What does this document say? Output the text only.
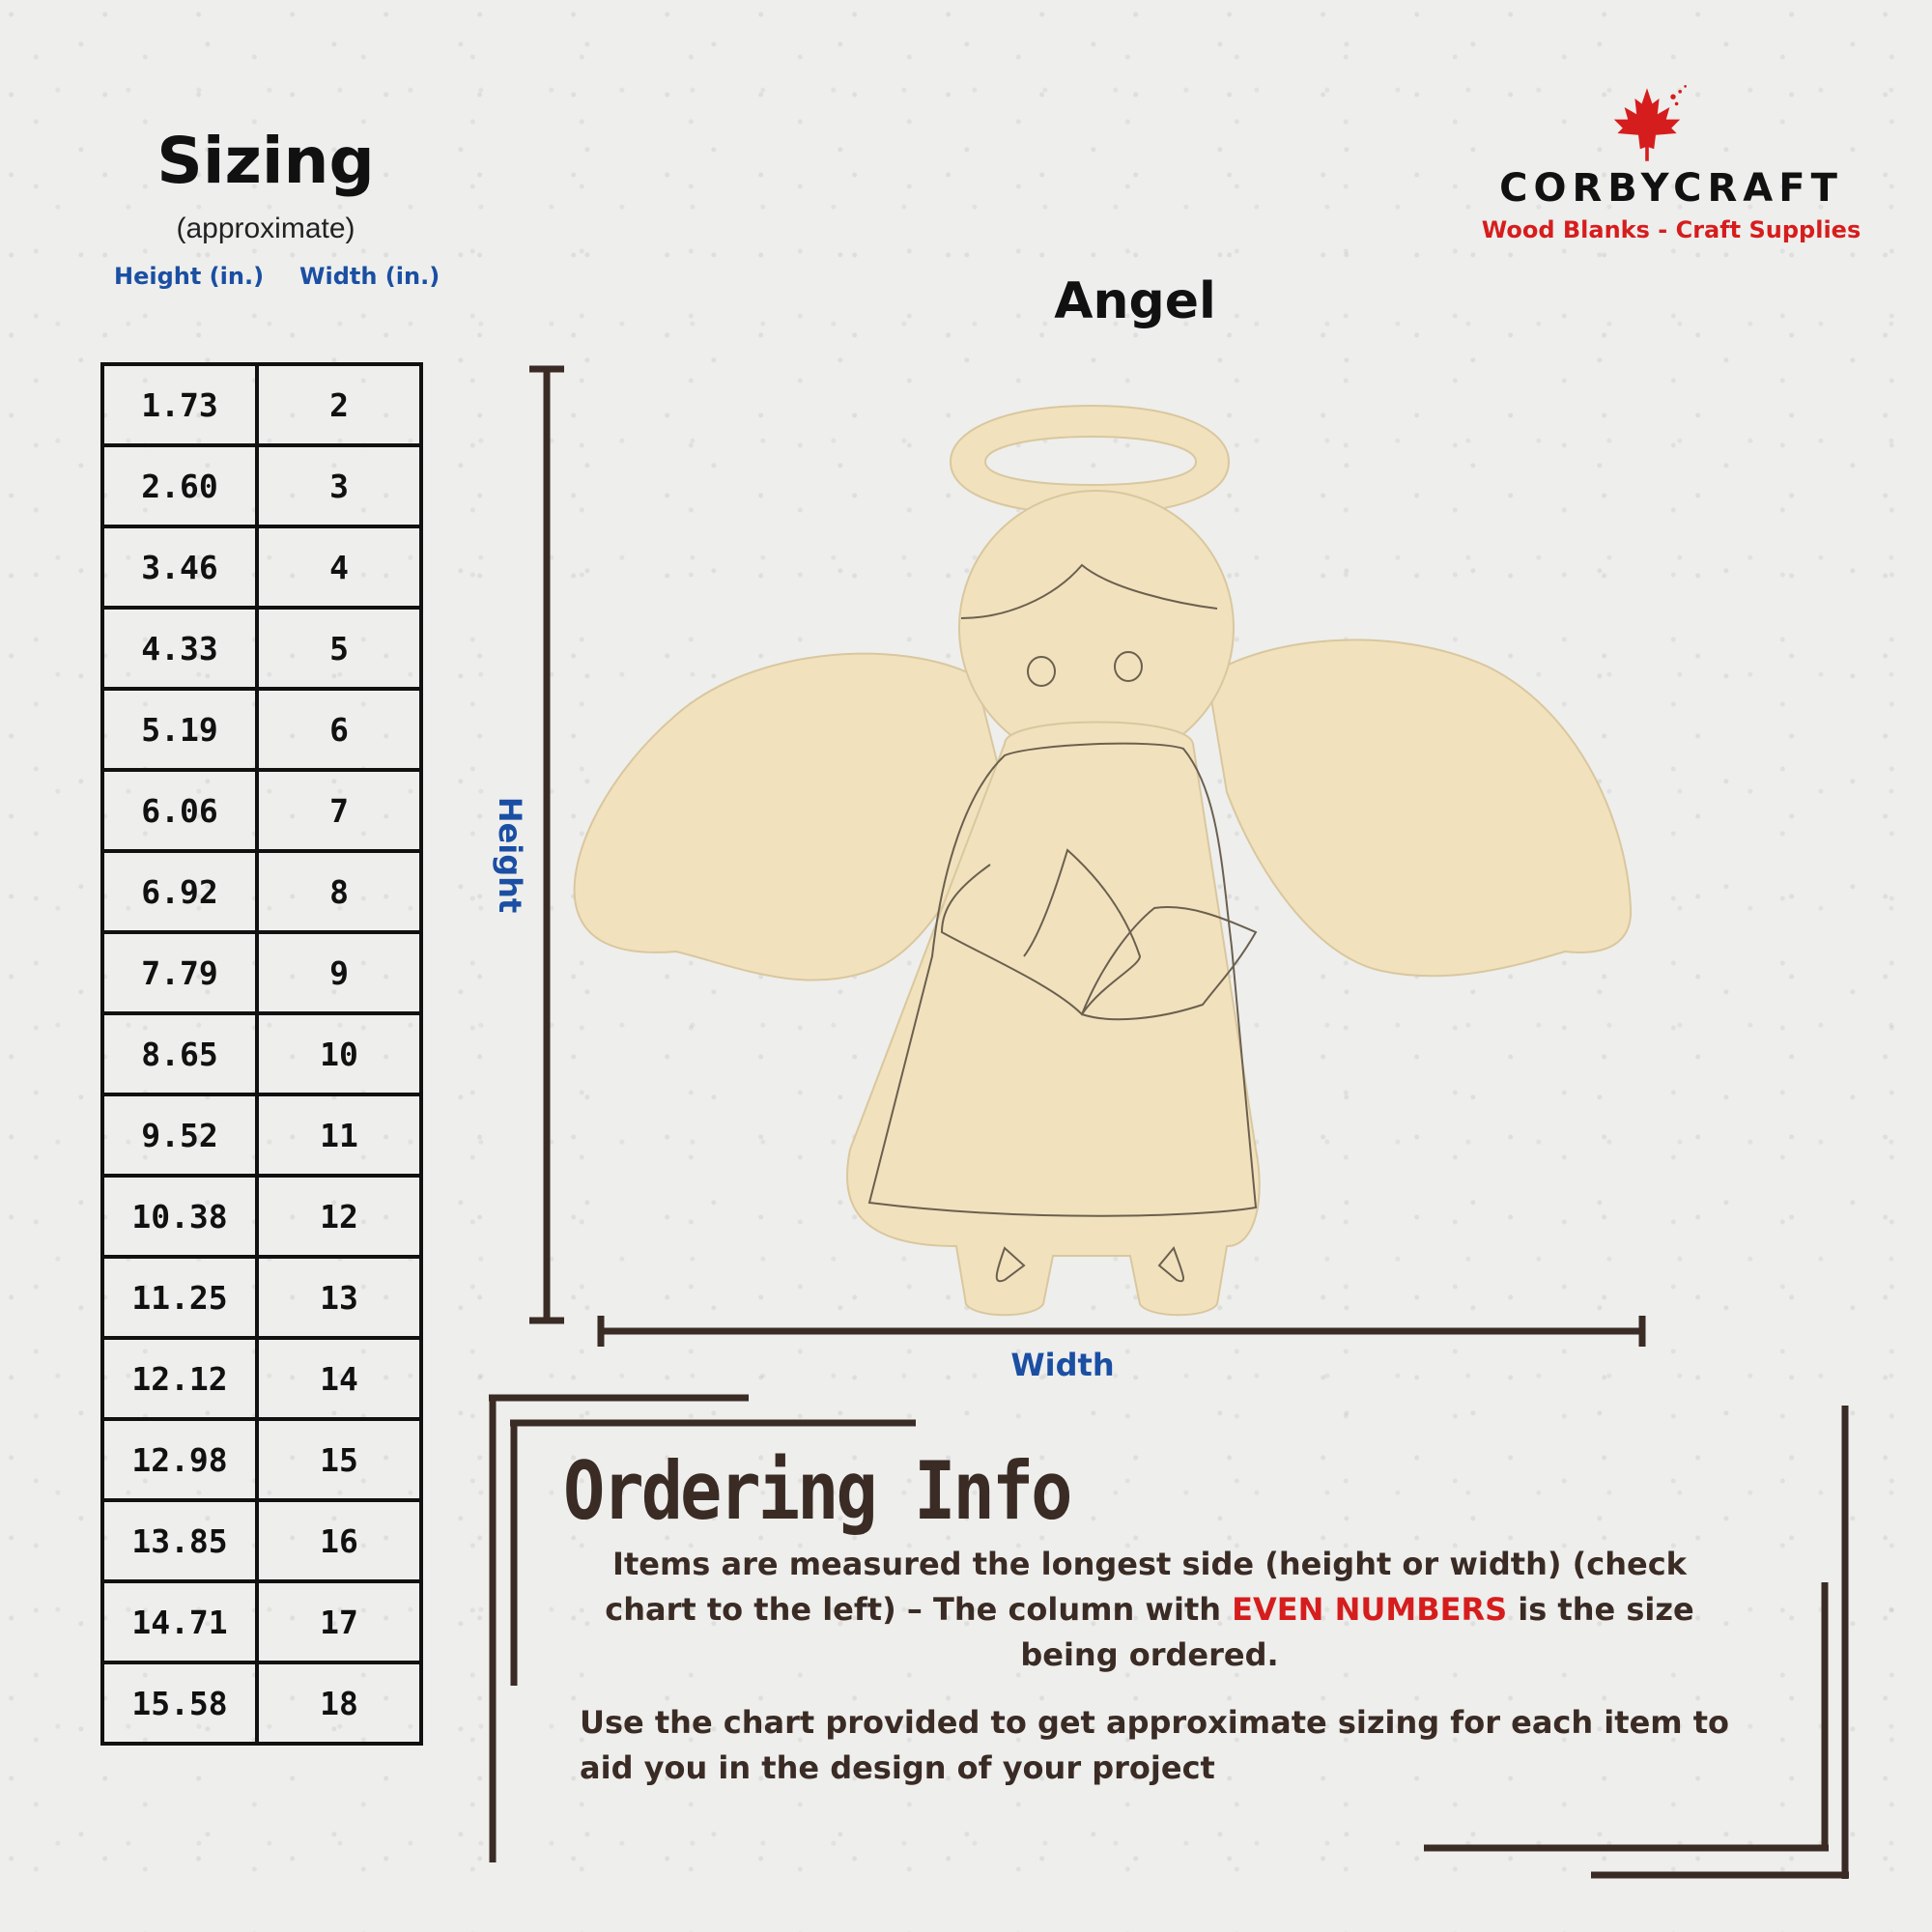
Sizing
(approximate)
Height (in.) Width (in.)
1.73	2
2.60	3
3.46	4
4.33	5
5.19	6
6.06	7
6.92	8
7.79	9
8.65	10
9.52	11
10.38	12
11.25	13
12.12	14
12.98	15
13.85	16
14.71	17
15.58	18
CORBYCRAFT
Wood Blanks - Craft Supplies
Angel
Height
Width
Ordering Info
Items are measured the longest side (height or width) (check chart to the left) – The column with EVEN NUMBERS is the size being ordered.
Use the chart provided to get approximate sizing for each item to aid you in the design of your project
